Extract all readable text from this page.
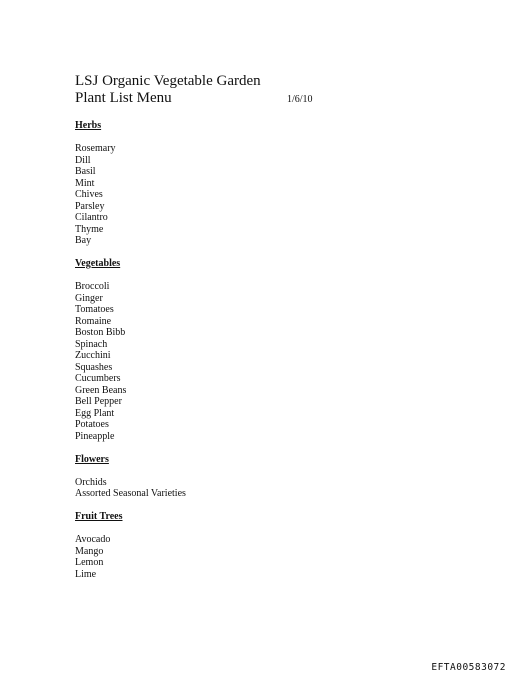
LSJ Organic Vegetable Garden
Plant List Menu	1/6/10
Herbs
Rosemary
Dill
Basil
Mint
Chives
Parsley
Cilantro
Thyme
Bay
Vegetables
Broccoli
Ginger
Tomatoes
Romaine
Boston Bibb
Spinach
Zucchini
Squashes
Cucumbers
Green Beans
Bell Pepper
Egg Plant
Potatoes
Pineapple
Flowers
Orchids
Assorted Seasonal Varieties
Fruit Trees
Avocado
Mango
Lemon
Lime
EFTA00583072
